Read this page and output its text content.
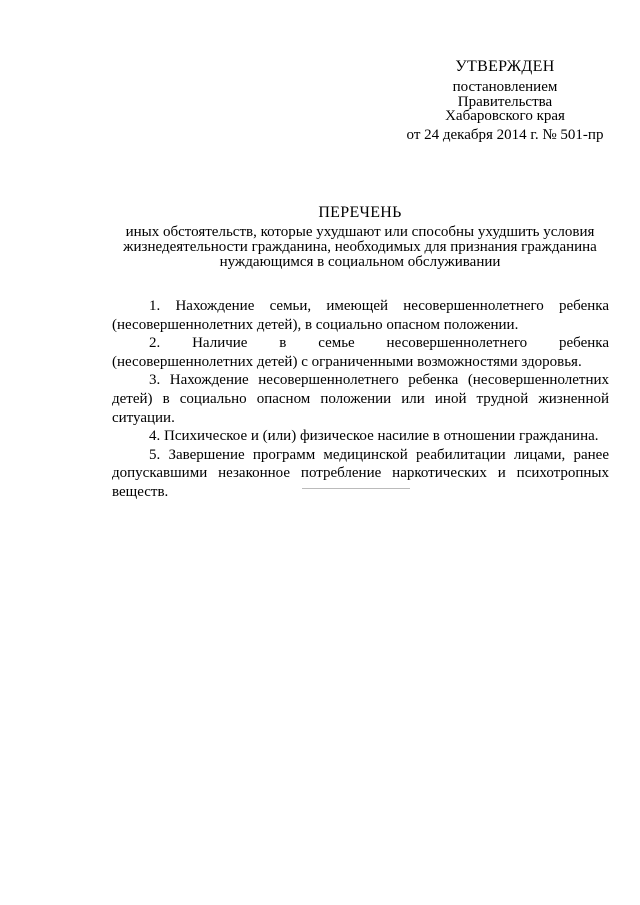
УТВЕРЖДЕН
постановлением
Правительства
Хабаровского края
от 24 декабря 2014 г. № 501-пр
ПЕРЕЧЕНЬ
иных обстоятельств, которые ухудшают или способны ухудшить условия
жизнедеятельности гражданина, необходимых для признания гражданина
нуждающимся в социальном обслуживании
1. Нахождение семьи, имеющей несовершеннолетнего ребенка (несовершеннолетних детей), в социально опасном положении.
2. Наличие в семье несовершеннолетнего ребенка (несовершеннолетних детей) с ограниченными возможностями здоровья.
3. Нахождение несовершеннолетнего ребенка (несовершеннолетних детей) в социально опасном положении или иной трудной жизненной ситуации.
4. Психическое и (или) физическое насилие в отношении гражданина.
5. Завершение программ медицинской реабилитации лицами, ранее допускавшими незаконное потребление наркотических и психотропных веществ.
